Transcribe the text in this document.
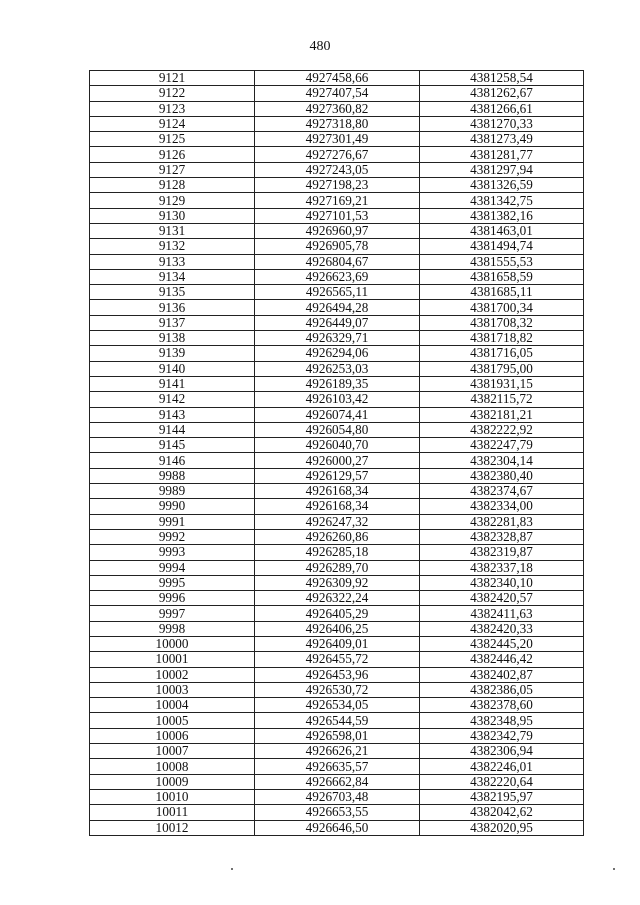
480
9121	4927458,66	4381258,54
9122	4927407,54	4381262,67
9123	4927360,82	4381266,61
9124	4927318,80	4381270,33
9125	4927301,49	4381273,49
9126	4927276,67	4381281,77
9127	4927243,05	4381297,94
9128	4927198,23	4381326,59
9129	4927169,21	4381342,75
9130	4927101,53	4381382,16
9131	4926960,97	4381463,01
9132	4926905,78	4381494,74
9133	4926804,67	4381555,53
9134	4926623,69	4381658,59
9135	4926565,11	4381685,11
9136	4926494,28	4381700,34
9137	4926449,07	4381708,32
9138	4926329,71	4381718,82
9139	4926294,06	4381716,05
9140	4926253,03	4381795,00
9141	4926189,35	4381931,15
9142	4926103,42	4382115,72
9143	4926074,41	4382181,21
9144	4926054,80	4382222,92
9145	4926040,70	4382247,79
9146	4926000,27	4382304,14
9988	4926129,57	4382380,40
9989	4926168,34	4382374,67
9990	4926168,34	4382334,00
9991	4926247,32	4382281,83
9992	4926260,86	4382328,87
9993	4926285,18	4382319,87
9994	4926289,70	4382337,18
9995	4926309,92	4382340,10
9996	4926322,24	4382420,57
9997	4926405,29	4382411,63
9998	4926406,25	4382420,33
10000	4926409,01	4382445,20
10001	4926455,72	4382446,42
10002	4926453,96	4382402,87
10003	4926530,72	4382386,05
10004	4926534,05	4382378,60
10005	4926544,59	4382348,95
10006	4926598,01	4382342,79
10007	4926626,21	4382306,94
10008	4926635,57	4382246,01
10009	4926662,84	4382220,64
10010	4926703,48	4382195,97
10011	4926653,55	4382042,62
10012	4926646,50	4382020,95
